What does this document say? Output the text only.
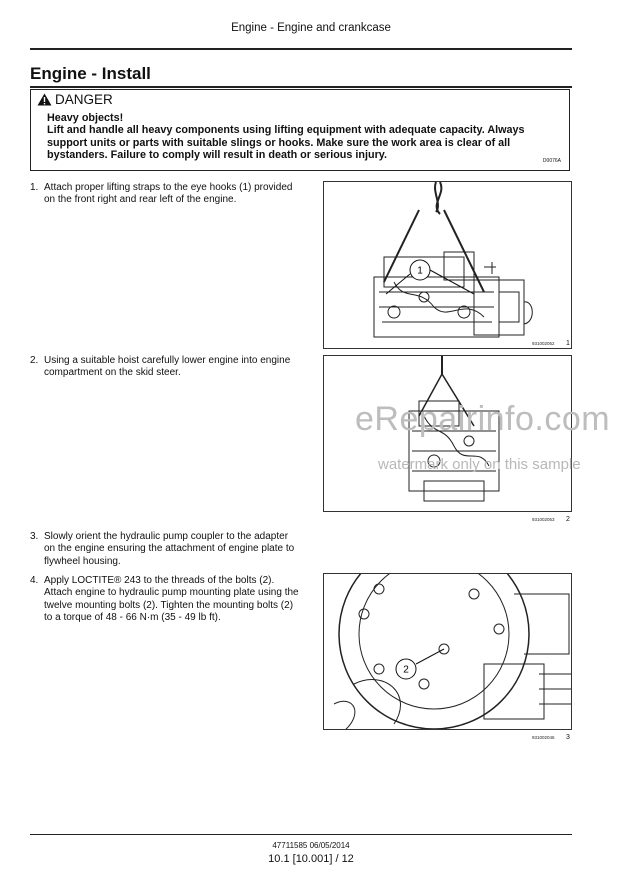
Engine - Engine and crankcase
Engine - Install
DANGER
Heavy objects!
Lift and handle all heavy components using lifting equipment with adequate capacity. Always support units or parts with suitable slings or hooks. Make sure the work area is clear of all bystanders. Failure to comply will result in death or serious injury.
D0076A
1. Attach proper lifting straps to the eye hooks (1) provided on the front right and rear left of the engine.
2. Using a suitable hoist carefully lower engine into engine compartment on the skid steer.
3. Slowly orient the hydraulic pump coupler to the adapter on the engine ensuring the attachment of engine plate to flywheel housing.
4. Apply LOCTITE® 243 to the threads of the bolts (2). Attach engine to hydraulic pump mounting plate using the twelve mounting bolts (2). Tighten the mounting bolts (2) to a torque of 48 - 66 N·m (35 - 49 lb ft).
1
931002052 1
931002053 2
2
931002046 3
eRepairinfo.com
watermark only on this sample
47711585 06/05/2014
10.1 [10.001] / 12
